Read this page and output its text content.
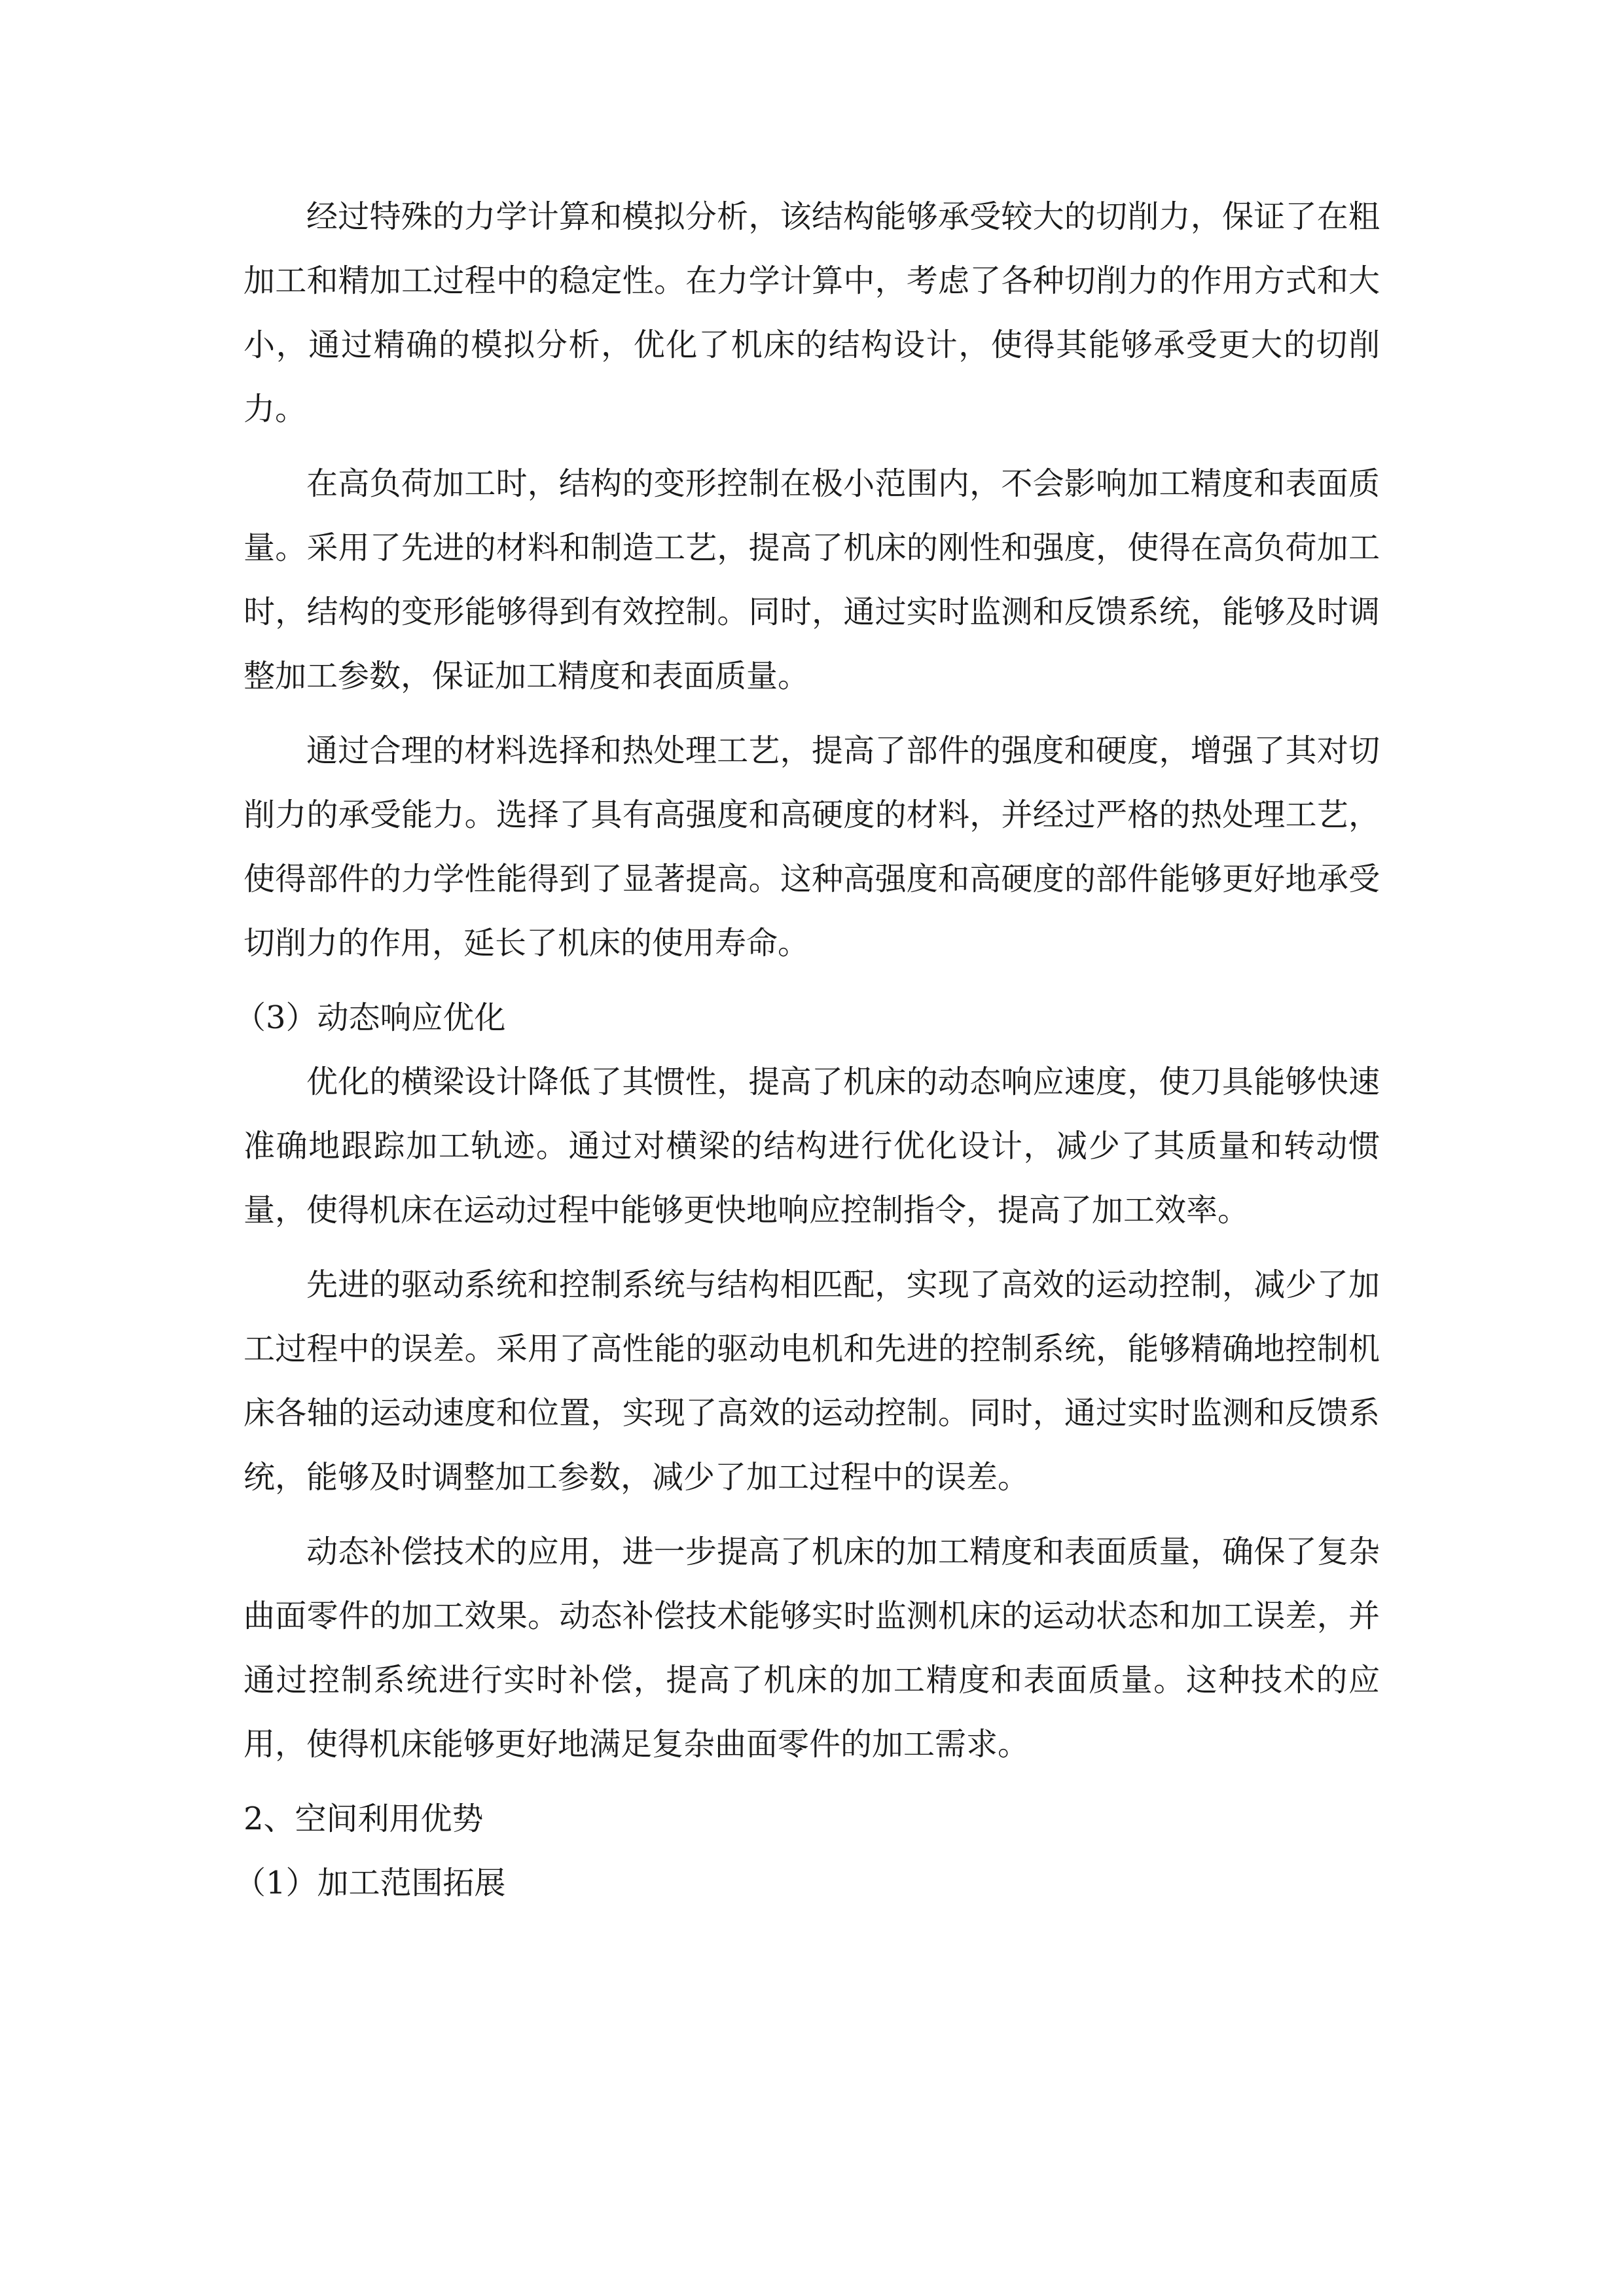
经过特殊的力学计算和模拟分析，该结构能够承受较大的切削力，保证了在粗加工和精加工过程中的稳定性。在力学计算中，考虑了各种切削力的作用方式和大小，通过精确的模拟分析，优化了机床的结构设计，使得其能够承受更大的切削力。

在高负荷加工时，结构的变形控制在极小范围内，不会影响加工精度和表面质量。采用了先进的材料和制造工艺，提高了机床的刚性和强度，使得在高负荷加工时，结构的变形能够得到有效控制。同时，通过实时监测和反馈系统，能够及时调整加工参数，保证加工精度和表面质量。

通过合理的材料选择和热处理工艺，提高了部件的强度和硬度，增强了其对切削力的承受能力。选择了具有高强度和高硬度的材料，并经过严格的热处理工艺，使得部件的力学性能得到了显著提高。这种高强度和高硬度的部件能够更好地承受切削力的作用，延长了机床的使用寿命。

（3）动态响应优化

优化的横梁设计降低了其惯性，提高了机床的动态响应速度，使刀具能够快速准确地跟踪加工轨迹。通过对横梁的结构进行优化设计，减少了其质量和转动惯量，使得机床在运动过程中能够更快地响应控制指令，提高了加工效率。

先进的驱动系统和控制系统与结构相匹配，实现了高效的运动控制，减少了加工过程中的误差。采用了高性能的驱动电机和先进的控制系统，能够精确地控制机床各轴的运动速度和位置，实现了高效的运动控制。同时，通过实时监测和反馈系统，能够及时调整加工参数，减少了加工过程中的误差。

动态补偿技术的应用，进一步提高了机床的加工精度和表面质量，确保了复杂曲面零件的加工效果。动态补偿技术能够实时监测机床的运动状态和加工误差，并通过控制系统进行实时补偿，提高了机床的加工精度和表面质量。这种技术的应用，使得机床能够更好地满足复杂曲面零件的加工需求。

2、空间利用优势

（1）加工范围拓展
